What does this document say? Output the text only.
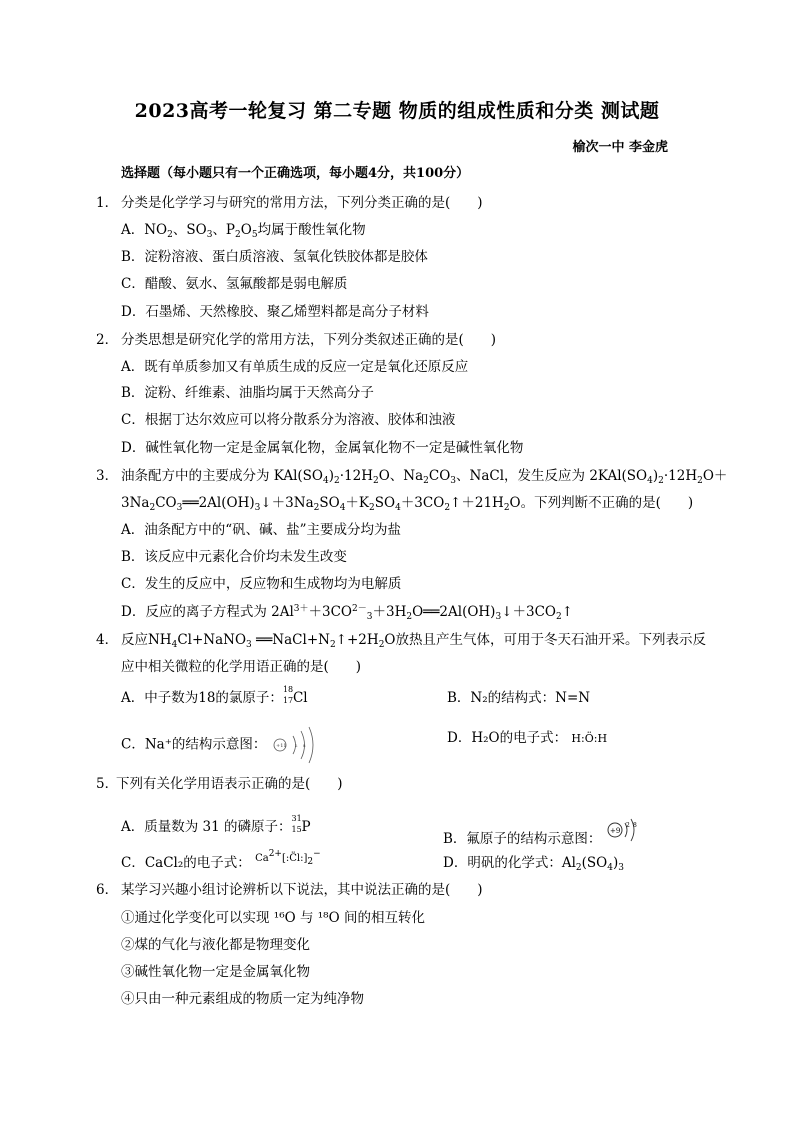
2023高考一轮复习 第二专题 物质的组成性质和分类 测试题
榆次一中 李金虎
选择题（每小题只有一个正确选项，每小题4分，共100分）
1． 分类是化学学习与研究的常用方法，下列分类正确的是(　　)
A．$NO_2$、$SO_3$、$P_2O_5$均属于酸性氧化物
B．淀粉溶液、蛋白质溶液、氢氧化铁胶体都是胶体
C．醋酸、氨水、氢氟酸都是弱电解质
D．石墨烯、天然橡胶、聚乙烯塑料都是高分子材料
2． 分类思想是研究化学的常用方法，下列分类叙述正确的是(　　)
A．既有单质参加又有单质生成的反应一定是氧化还原反应
B．淀粉、纤维素、油脂均属于天然高分子
C．根据丁达尔效应可以将分散系分为溶液、胶体和浊液
D．碱性氧化物一定是金属氧化物，金属氧化物不一定是碱性氧化物
3． 油条配方中的主要成分为 $KAl(SO_4)_2\cdot 12H_2O$、$Na_2CO_3$、NaCl，发生反应为 $2KAl(SO_4)_2\cdot 12H_2O+$
$3Na_2CO_3══2Al(OH)_3↓+3Na_2SO_4+K_2SO_4+3CO_2↑+21H_2O$。下列判断不正确的是(　　)
A．油条配方中的“矾、碱、盐”主要成分均为盐
B．该反应中元素化合价均未发生改变
C．发生的反应中，反应物和生成物均为电解质
D．反应的离子方程式为 $2Al^{3+}+3CO^{2-}_3+3H_2O══2Al(OH)_3↓+3CO_2↑$
4． 反应$NH_4Cl+NaNO_3$ $══NaCl+N_2↑+2H_2O$放热且产生气体，可用于冬天石油开采。下列表示反
应中相关微粒的化学用语正确的是(　　)
A．中子数为18的氯原子：
18
17 Cl	B．N₂的结构式：N=N
C．Na⁺的结构示意图： +11 2 8	D．H₂O的电子式： H:Ö:H
5．
下列有关化学用语表示正确的是(　　)
A．质量数为 31 的磷原子：
31
15 P
B．氟原子的结构示意图： +9
2 8
C．CaCl₂的电子式： $^{Ca^{2+}[:C̈l:]_2^-}$
D．明矾的化学式：$Al_2(SO_4)_3$
6． 某学习兴趣小组讨论辨析以下说法，其中说法正确的是(　　)
①通过化学变化可以实现 ¹⁶O 与 ¹⁸O 间的相互转化
②煤的气化与液化都是物理变化
③碱性氧化物一定是金属氧化物
④只由一种元素组成的物质一定为纯净物
